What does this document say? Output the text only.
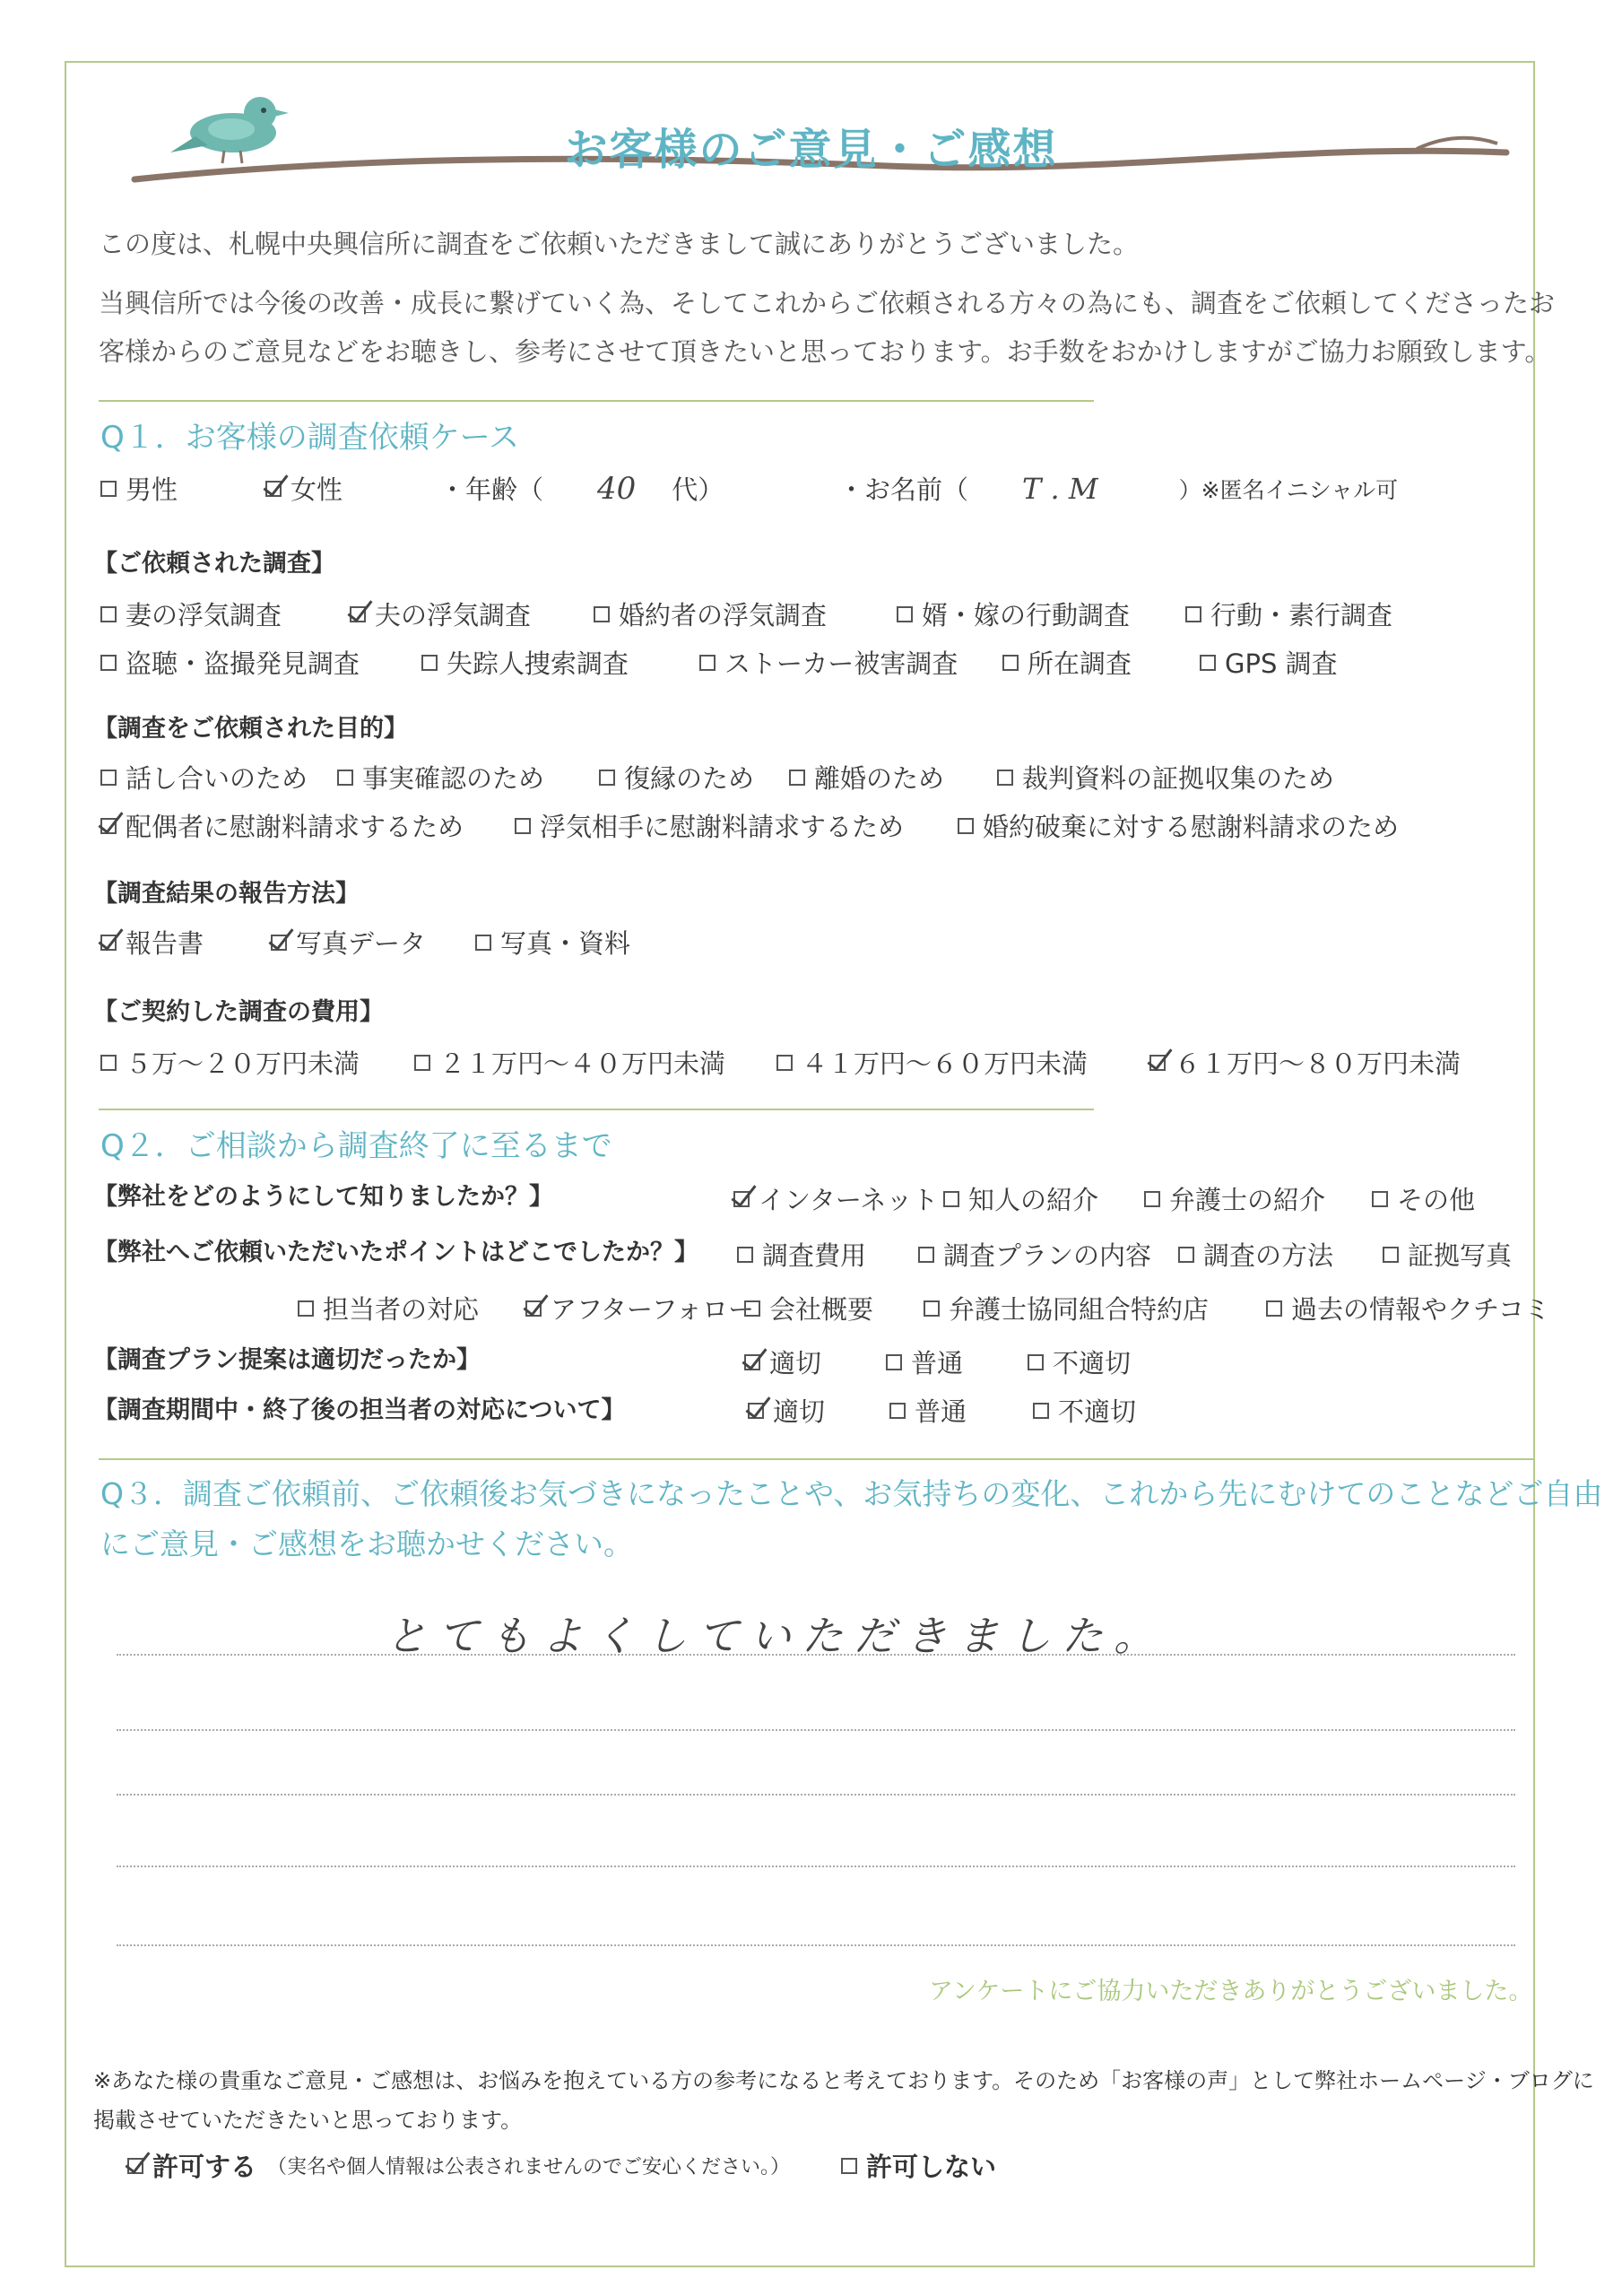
お客様のご意見・ご感想
この度は、札幌中央興信所に調査をご依頼いただきまして誠にありがとうございました。
当興信所では今後の改善・成長に繋げていく為、そしてこれからご依頼される方々の為にも、調査をご依頼してくださったお
客様からのご意見などをお聴きし、参考にさせて頂きたいと思っております。お手数をおかけしますがご協力お願致します。
Q１．お客様の調査依頼ケース
男性	女性	・年齢（ 40 代）	・お名前（ T . M	）※匿名イニシャル可
【ご依頼された調査】
妻の浮気調査	夫の浮気調査	婚約者の浮気調査	婿・嫁の行動調査	行動・素行調査
盗聴・盗撮発見調査	失踪人捜索調査	ストーカー被害調査	所在調査	GPS 調査
【調査をご依頼された目的】
話し合いのため 事実確認のため	復縁のため 離婚のため	裁判資料の証拠収集のため
配偶者に慰謝料請求するため	浮気相手に慰謝料請求するため	婚約破棄に対する慰謝料請求のため
【調査結果の報告方法】
報告書	写真データ	写真・資料
【ご契約した調査の費用】
５万～２０万円未満	２１万円～４０万円未満	４１万円～６０万円未満	６１万円～８０万円未満
Q２．ご相談から調査終了に至るまで
【弊社をどのようにして知りましたか？】	インターネット 知人の紹介	弁護士の紹介	その他
【弊社へご依頼いただいたポイントはどこでしたか？】 調査費用	調査プランの内容 調査の方法	証拠写真
担当者の対応	アフターフォロー 会社概要	弁護士協同組合特約店	過去の情報やクチコミ
【調査プラン提案は適切だったか】	適切	普通	不適切
【調査期間中・終了後の担当者の対応について】	適切	普通	不適切
Q３．調査ご依頼前、ご依頼後お気づきになったことや、お気持ちの変化、これから先にむけてのことなどご自由
にご意見・ご感想をお聴かせください。
とてもよくしていただきました。
アンケートにご協力いただきありがとうございました。
※あなた様の貴重なご意見・ご感想は、お悩みを抱えている方の参考になると考えております。そのため「お客様の声」として弊社ホームページ・ブログに
掲載させていただきたいと思っております。
許可する （実名や個人情報は公表されませんのでご安心ください。）	許可しない
